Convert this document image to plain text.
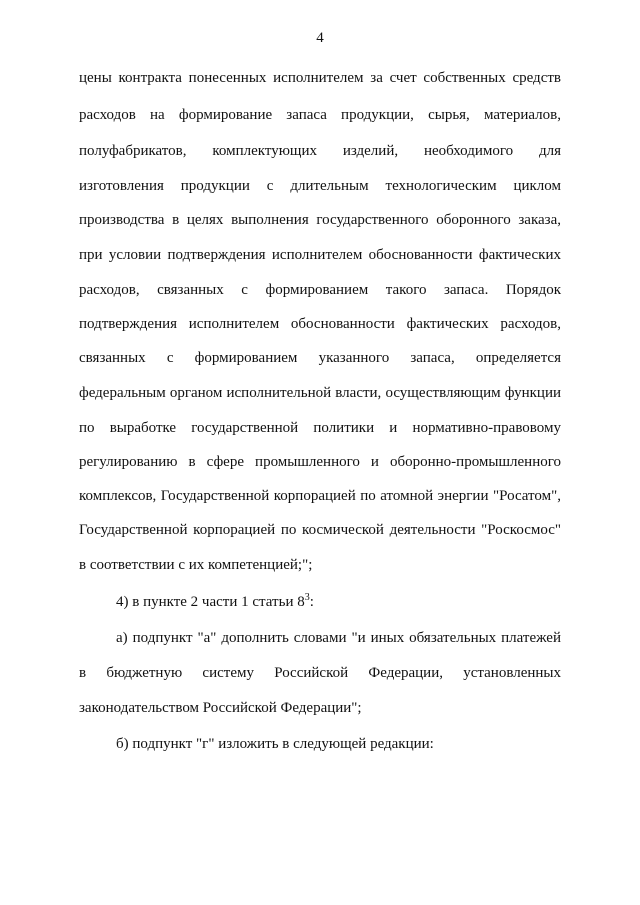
4
цены контракта понесенных исполнителем за счет собственных средств
расходов на формирование запаса продукции, сырья, материалов,
полуфабрикатов, комплектующих изделий, необходимого для
изготовления продукции с длительным технологическим циклом
производства в целях выполнения государственного оборонного заказа,
при условии подтверждения исполнителем обоснованности фактических
расходов, связанных с формированием такого запаса. Порядок
подтверждения исполнителем обоснованности фактических расходов,
связанных с формированием указанного запаса, определяется
федеральным органом исполнительной власти, осуществляющим функции
по выработке государственной политики и нормативно-правовому
регулированию в сфере промышленного и оборонно-промышленного
комплексов, Государственной корпорацией по атомной энергии "Росатом",
Государственной корпорацией по космической деятельности "Роскосмос"
в соответствии с их компетенцией;";
4) в пункте 2 части 1 статьи $8^3$:
а) подпункт "а" дополнить словами "и иных обязательных платежей
в бюджетную систему Российской Федерации, установленных
законодательством Российской Федерации";
б) подпункт "г" изложить в следующей редакции:
